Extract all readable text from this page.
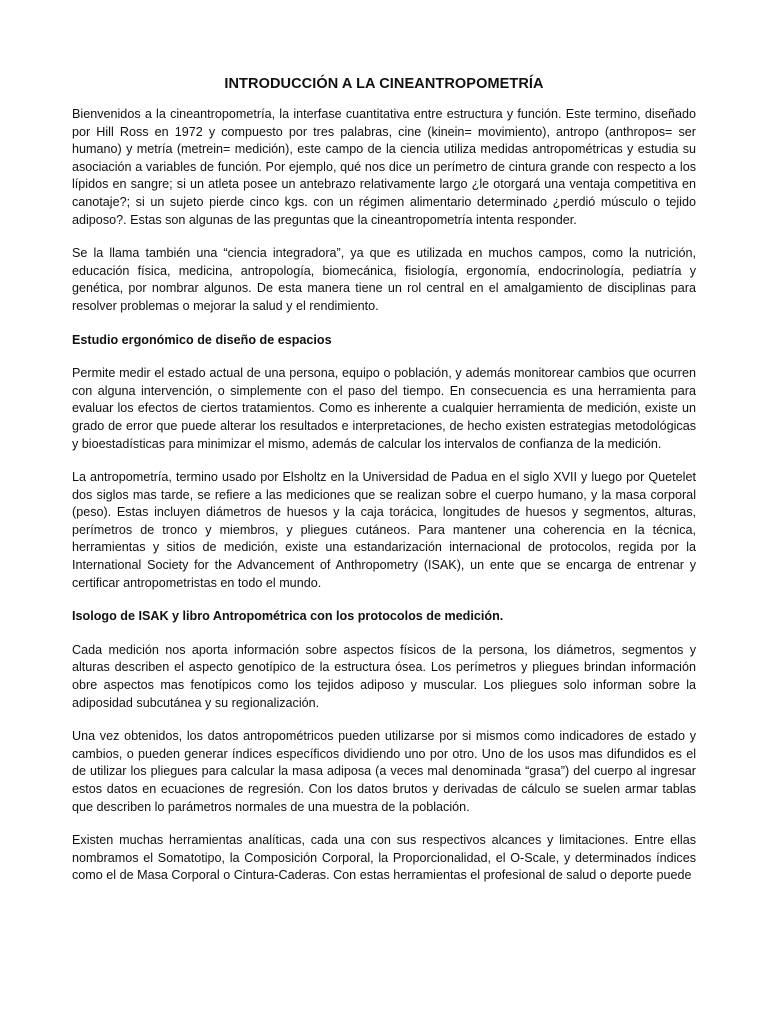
INTRODUCCIÓN A LA CINEANTROPOMETRÍA

Bienvenidos a la cineantropometría, la interfase cuantitativa entre estructura y función. Este termino, diseñado por Hill Ross en 1972 y compuesto por tres palabras, cine (kinein= movimiento), antropo (anthropos= ser humano) y metría (metrein= medición), este campo de la ciencia utiliza medidas antropométricas y estudia su asociación a variables de función. Por ejemplo, qué nos dice un perímetro de cintura grande con respecto a los lípidos en sangre; si un atleta posee un antebrazo relativamente largo ¿le otorgará una ventaja competitiva en canotaje?; si un sujeto pierde cinco kgs. con un régimen alimentario determinado ¿perdió músculo o tejido adiposo?. Estas son algunas de las preguntas que la cineantropometría intenta responder.

Se la llama también una “ciencia integradora”, ya que es utilizada en muchos campos, como la nutrición, educación física, medicina, antropología, biomecánica, fisiología, ergonomía, endocrinología, pediatría y genética, por nombrar algunos. De esta manera tiene un rol central en el amalgamiento de disciplinas para resolver problemas o mejorar la salud y el rendimiento.

Estudio ergonómico de diseño de espacios

Permite medir el estado actual de una persona, equipo o población, y además monitorear cambios que ocurren con alguna intervención, o simplemente con el paso del tiempo. En consecuencia es una herramienta para evaluar los efectos de ciertos tratamientos. Como es inherente a cualquier herramienta de medición, existe un grado de error que puede alterar los resultados e interpretaciones, de hecho existen estrategias metodológicas y bioestadísticas para minimizar el mismo, además de calcular los intervalos de confianza de la medición.

La antropometría, termino usado por Elsholtz en la Universidad de Padua en el siglo XVII y luego por Quetelet dos siglos mas tarde, se refiere a las mediciones que se realizan sobre el cuerpo humano, y la masa corporal (peso). Estas incluyen diámetros de huesos y la caja torácica, longitudes de huesos y segmentos, alturas, perímetros de tronco y miembros, y pliegues cutáneos. Para mantener una coherencia en la técnica, herramientas y sitios de medición, existe una estandarización internacional de protocolos, regida por la International Society for the Advancement of Anthropometry (ISAK), un ente que se encarga de entrenar y certificar antropometristas en todo el mundo.

Isologo de ISAK y libro Antropométrica con los protocolos de medición.

Cada medición nos aporta información sobre aspectos físicos de la persona, los diámetros, segmentos y alturas describen el aspecto genotípico de la estructura ósea. Los perímetros y pliegues brindan información obre aspectos mas fenotípicos como los tejidos adiposo y muscular. Los pliegues solo informan sobre la adiposidad subcutánea y su regionalización.

Una vez obtenidos, los datos antropométricos pueden utilizarse por si mismos como indicadores de estado y cambios, o pueden generar índices específicos dividiendo uno por otro. Uno de los usos mas difundidos es el de utilizar los pliegues para calcular la masa adiposa (a veces mal denominada “grasa”) del cuerpo al ingresar estos datos en ecuaciones de regresión. Con los datos brutos y derivadas de cálculo se suelen armar tablas que describen lo parámetros normales de una muestra de la población.

Existen muchas herramientas analíticas, cada una con sus respectivos alcances y limitaciones. Entre ellas nombramos el Somatotipo, la Composición Corporal, la Proporcionalidad, el O-Scale, y determinados índices como el de Masa Corporal o Cintura-Caderas. Con estas herramientas el profesional de salud o deporte puede
